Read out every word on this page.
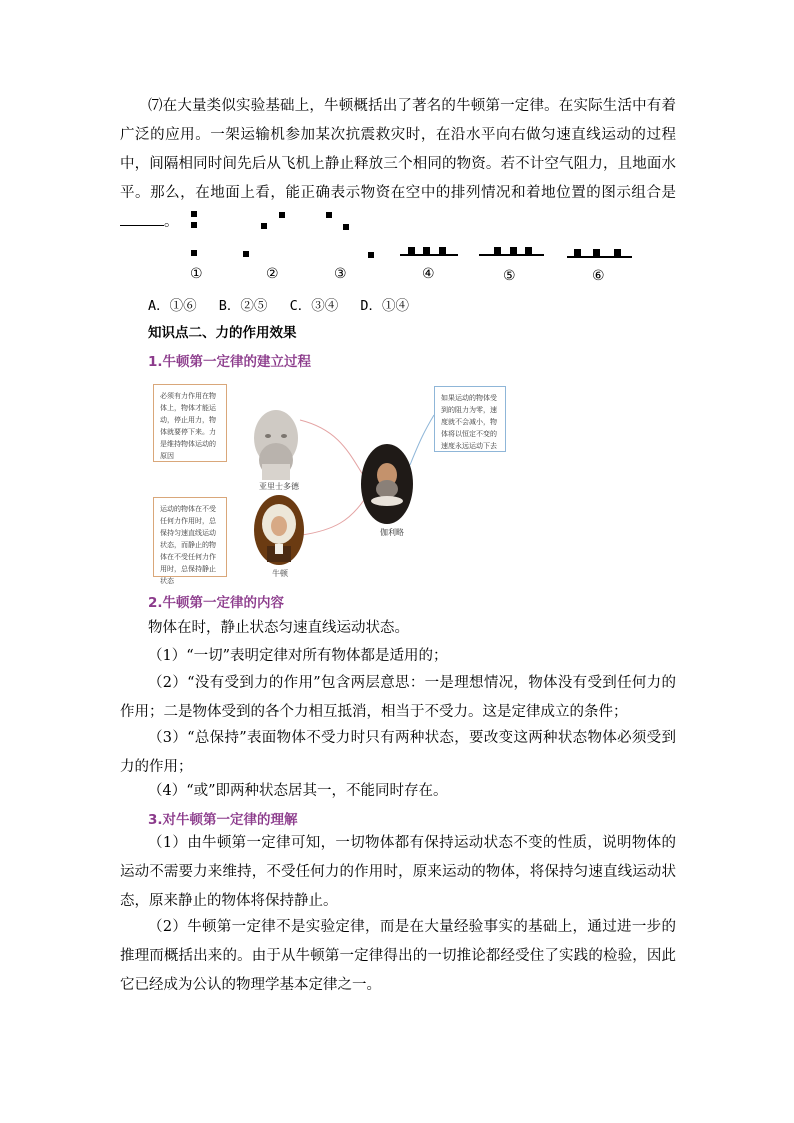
⑺在大量类似实验基础上，牛顿概括出了著名的牛顿第一定律。在实际生活中有着广泛的应用。一架运输机参加某次抗震救灾时，在沿水平向右做匀速直线运动的过程中，间隔相同时间先后从飞机上静止释放三个相同的物资。若不计空气阻力，且地面水平。那么，在地面上看，能正确表示物资在空中的排列情况和着地位置的图示组合是。
①	②	③	④	⑤	⑥
A．①⑥ B．②⑤ C．③④ D．①④
知识点二、力的作用效果
1.牛顿第一定律的建立过程
必须有力作用在物体上，物体才能运动，停止用力，物体就要停下来。力是维持物体运动的原因
亚里士多德
如果运动的物体受到的阻力为零，速度就不会减小，物体将以恒定不变的速度永远运动下去
伽利略
运动的物体在不受任何力作用时，总保持匀速直线运动状态，而静止的物体在不受任何力作用时，总保持静止状态
牛顿
2.牛顿第一定律的内容
物体在时，静止状态匀速直线运动状态。
（1）“一切”表明定律对所有物体都是适用的；
（2）“没有受到力的作用”包含两层意思：一是理想情况，物体没有受到任何力的作用；二是物体受到的各个力相互抵消，相当于不受力。这是定律成立的条件；
（3）“总保持”表面物体不受力时只有两种状态，要改变这两种状态物体必须受到力的作用；
（4）“或”即两种状态居其一，不能同时存在。
3.对牛顿第一定律的理解
（1）由牛顿第一定律可知，一切物体都有保持运动状态不变的性质，说明物体的运动不需要力来维持，不受任何力的作用时，原来运动的物体，将保持匀速直线运动状态，原来静止的物体将保持静止。
（2）牛顿第一定律不是实验定律，而是在大量经验事实的基础上，通过进一步的推理而概括出来的。由于从牛顿第一定律得出的一切推论都经受住了实践的检验，因此它已经成为公认的物理学基本定律之一。
